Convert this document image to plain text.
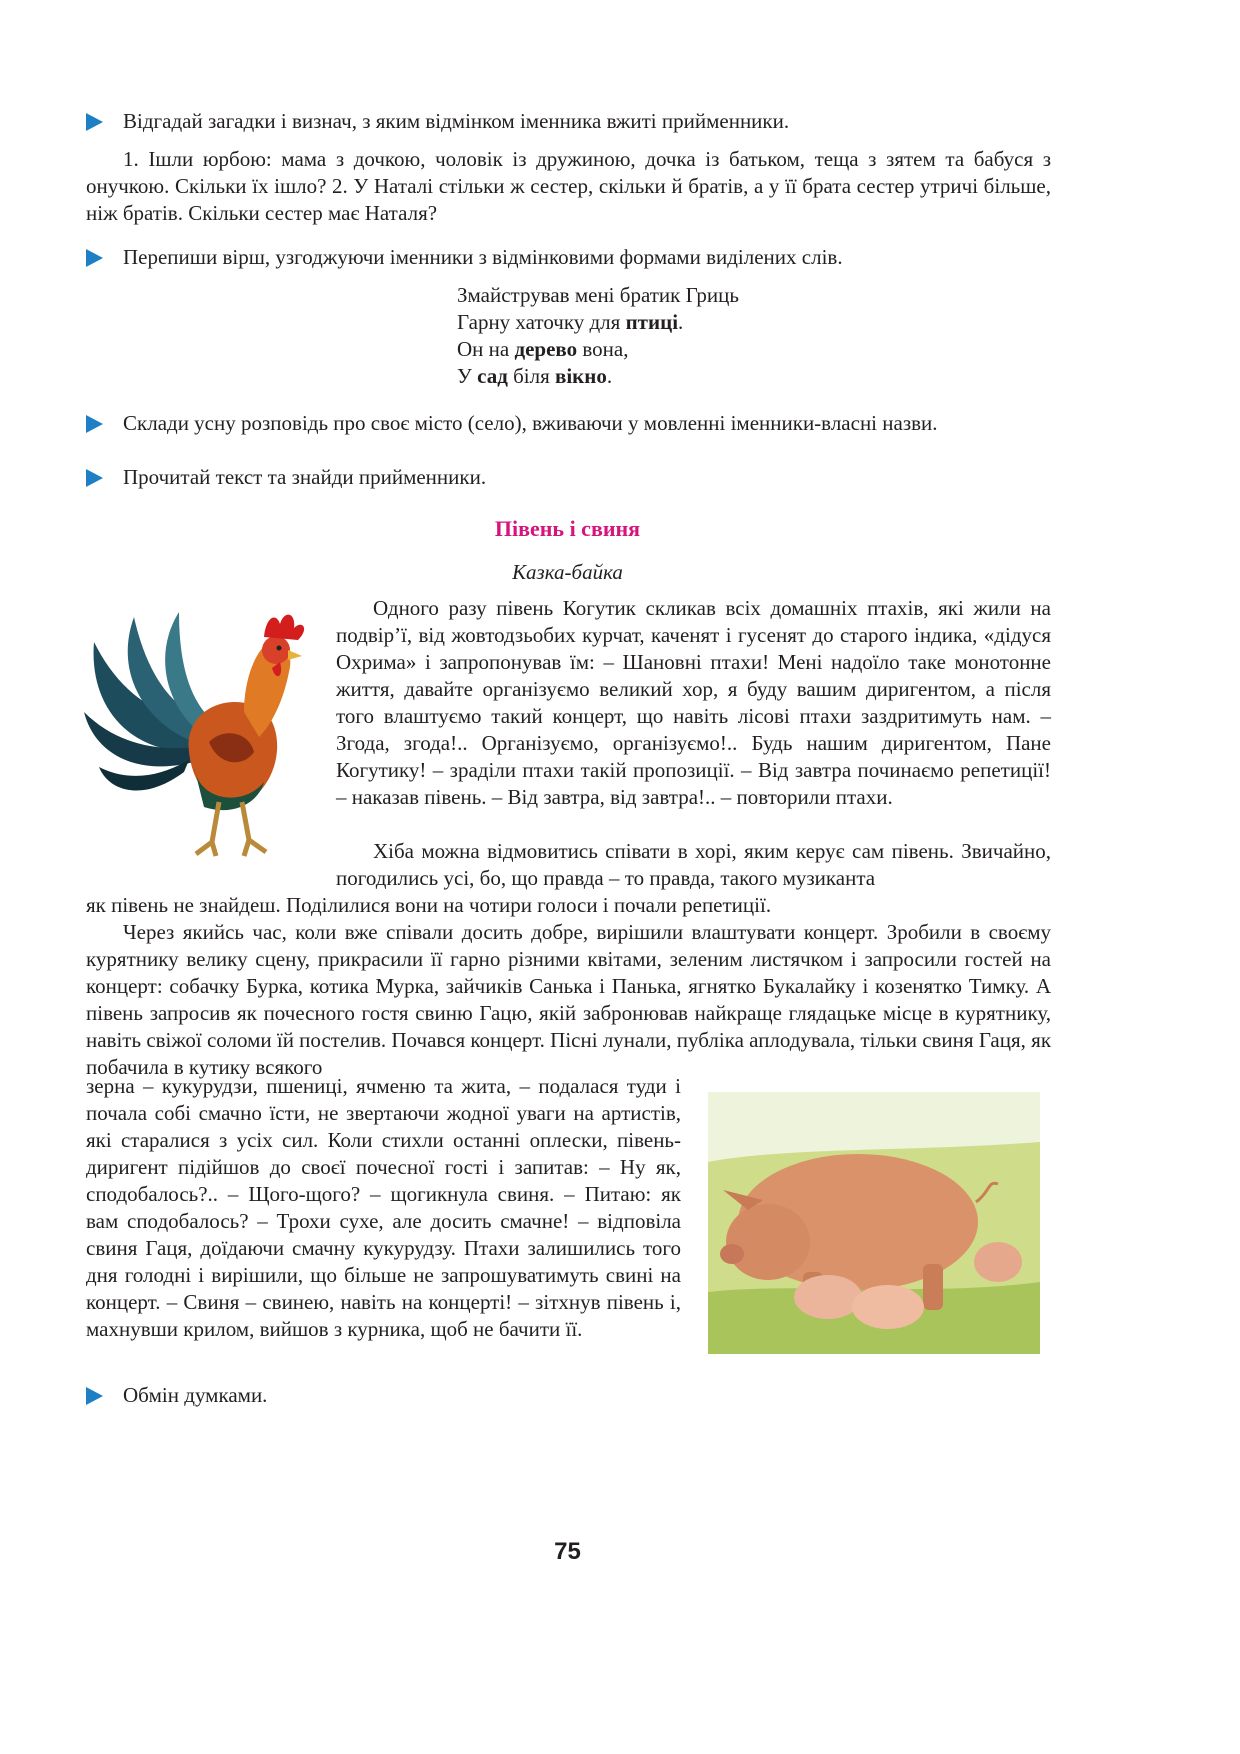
Відгадай загадки і визнач, з яким відмінком іменника вжиті прийменники.
1. Ішли юрбою: мама з дочкою, чоловік із дружиною, дочка із батьком, теща з зятем та бабуся з онучкою. Скільки їх ішло? 2. У Наталі стільки ж сестер, скільки й братів, а у її брата сестер утричі більше, ніж братів. Скільки сестер має Наталя?
Перепиши вірш, узгоджуючи іменники з відмінковими формами виділених слів.
Змайстрував мені братик Гриць
Гарну хаточку для птиці.
Он на дерево вона,
У сад біля вікно.
Склади усну розповідь про своє місто (село), вживаючи у мовленні іменники-власні назви.
Прочитай текст та знайди прийменники.
Півень і свиня
Казка-байка
Одного разу півень Когутик скликав всіх домашніх птахів, які жили на подвір’ї, від жовтодзьобих курчат, каченят і гусенят до старого індика, «дідуся Охрима» і запропонував їм: – Шановні птахи! Мені надоїло таке монотонне життя, давайте організуємо великий хор, я буду вашим диригентом, а після того влаштуємо такий концерт, що навіть лісові птахи заздритимуть нам. – Згода, згода!.. Організуємо, організуємо!.. Будь нашим диригентом, Пане Когутику! – зраділи птахи такій пропозиції. – Від завтра починаємо репетиції! – наказав півень. – Від завтра, від завтра!.. – повторили птахи.
Хіба можна відмовитись співати в хорі, яким керує сам півень. Звичайно, погодились усі, бо, що правда – то правда, такого музиканта
як півень не знайдеш. Поділилися вони на чотири голоси і почали репетиції.
Обмін думками.
75
Через якийсь час, коли вже співали досить добре, вирішили влаштувати концерт. Зробили в своєму курятнику велику сцену, прикрасили її гарно різними квітами, зеленим листячком і запросили гостей на концерт: собачку Бурка, котика Мурка, зайчиків Санька і Панька, ягнятко Букалайку і козенятко Тимку. А півень запросив як почесного гостя свиню Гацю, якій забронював найкраще глядацьке місце в курятнику, навіть свіжої соломи їй постелив. Почався концерт. Пісні лунали, публіка аплодувала, тільки свиня Гаця, як побачила в кутику всякого
зерна – кукурудзи, пшениці, ячменю та жита, – подалася туди і почала собі смачно їсти, не звертаючи жодної уваги на артистів, які старалися з усіх сил. Коли стихли останні оплески, півень-диригент підійшов до своєї почесної гості і запитав: – Ну як, сподобалось?.. – Щого-щого? – щогикнула свиня. – Питаю: як вам сподобалось? – Трохи сухе, але досить смачне! – відповіла свиня Гаця, доїдаючи смачну кукурудзу. Птахи залишились того дня голодні і вирішили, що більше не запрошуватимуть свині на концерт. – Свиня – свинею, навіть на концерті! – зітхнув півень і, махнувши крилом, вийшов з курника, щоб не бачити її.
